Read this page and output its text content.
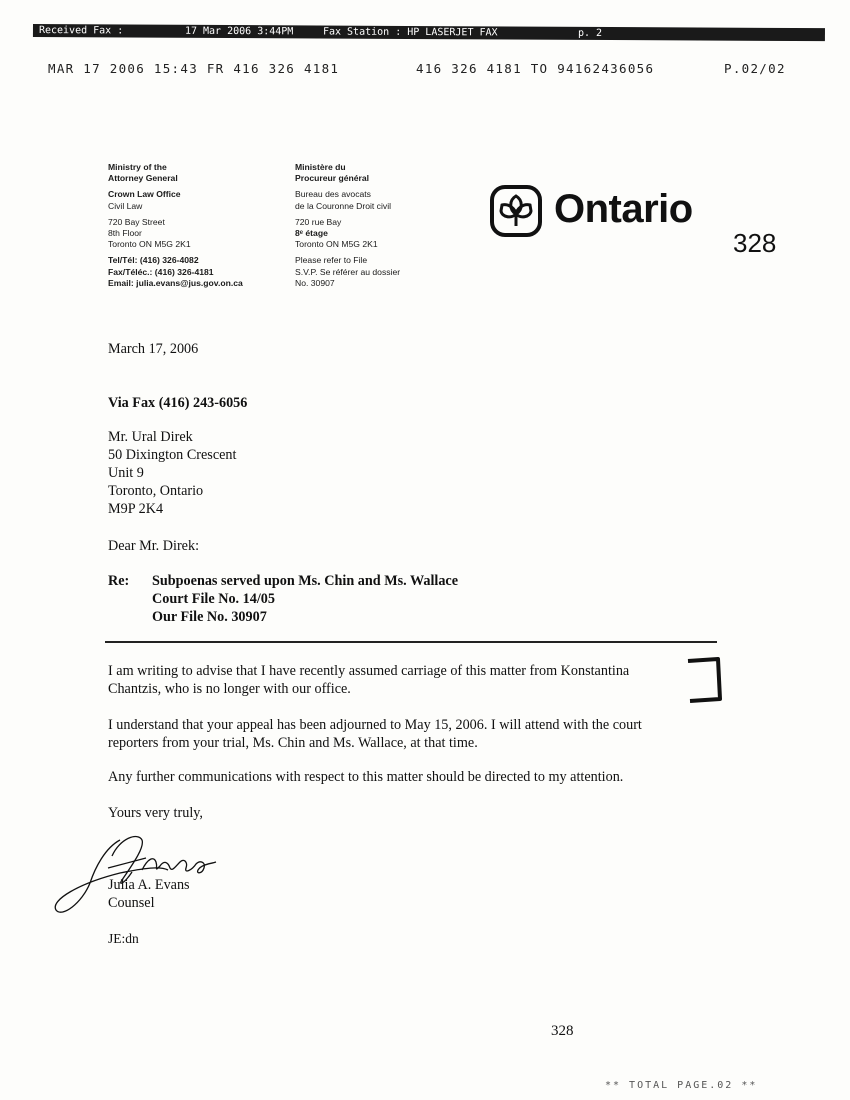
Received Fax :	17 Mar 2006 3:44PM	Fax Station : HP LASERJET FAX	p. 2
MAR 17 2006 15:43 FR 416 326 4181	416 326 4181 TO 94162436056	P.02/02
Ministry of the
Attorney General
Crown Law Office
Civil Law
720 Bay Street
8th Floor
Toronto ON M5G 2K1
Tel/Tél: (416) 326-4082
Fax/Téléc.: (416) 326-4181
Email: julia.evans@jus.gov.on.ca
Ministère du
Procureur général
Bureau des avocats
de la Couronne Droit civil
720 rue Bay
8ᵉ étage
Toronto ON M5G 2K1
Please refer to File
S.V.P. Se référer au dossier
No. 30907
Ontario
328
March 17, 2006
Via Fax (416) 243-6056
Mr. Ural Direk
50 Dixington Crescent
Unit 9
Toronto, Ontario
M9P 2K4
Dear Mr. Direk:
Re: Subpoenas served upon Ms. Chin and Ms. Wallace
Court File No. 14/05
Our File No. 30907
I am writing to advise that I have recently assumed carriage of this matter from Konstantina
Chantzis, who is no longer with our office.
I understand that your appeal has been adjourned to May 15, 2006. I will attend with the court
reporters from your trial, Ms. Chin and Ms. Wallace, at that time.
Any further communications with respect to this matter should be directed to my attention.
Yours very truly,
Julia A. Evans
Counsel
JE:dn
328
** TOTAL PAGE.02 **
